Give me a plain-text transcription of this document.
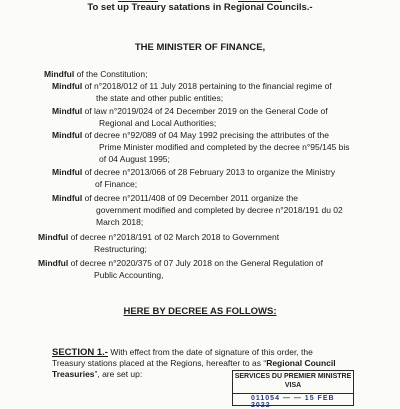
To set up Treaury satations in Regional Councils.-
THE MINISTER OF FINANCE,
Mindful of the Constitution;
Mindful of n°2018/012 of 11 July 2018 pertaining to the financial regime of
the state and other public entities;
Mindful of law n°2019/024 of 24 December 2019 on the General Code of
Regional and Local Authorities;
Mindful of decree n°92/089 of 04 May 1992 precising the attributes of the
Prime Minister modified and completed by the decree n°95/145 bis
of 04 August 1995;
Mindful of decree n°2013/066 of 28 February 2013 to organize the Ministry
of Finance;
Mindful of decree n°2011/408 of 09 December 2011 organize the
government modified and completed by decree n°2018/191 du 02
March 2018;
Mindful of decree n°2018/191 of 02 March 2018 to Government
Restructuring;
Mindful of decree n°2020/375 of 07 July 2018 on the General Regulation of
Public Accounting,
HERE BY DECREE AS FOLLOWS:
SECTION 1.- With effect from the date of signature of this order, the
Treasury stations placed at the Regions, hereafter to as “Regional Council
Treasuries”, are set up:	SERVICES DU PREMIER MINISTRE
VISA
011054 — — 15 FEB 2022
